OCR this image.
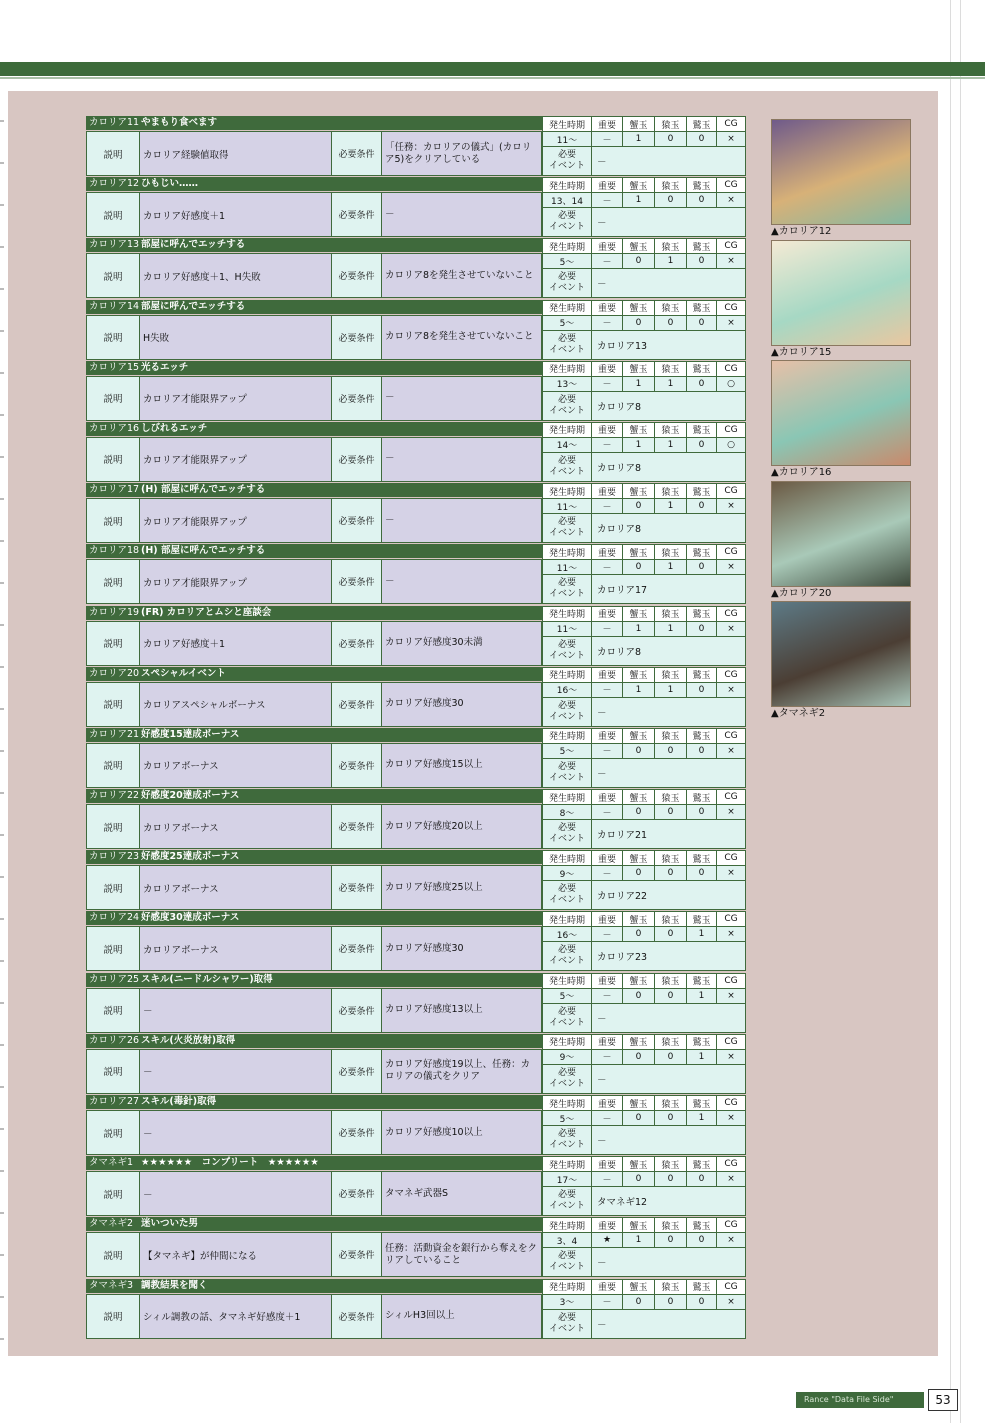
カロリア11 やまもり食べます
説明	カロリア経験値取得	必要条件
「任務：カロリアの儀式」(カロリア5)をクリアしている
発生時期	重要	蟹玉	猿玉	鷲玉	CG
11〜	－	1	0	0	×
必要
イベント	－
カロリア12 ひもじい……
説明	カロリア好感度＋1	必要条件	－
発生時期	重要	蟹玉	猿玉	鷲玉	CG
13、14	－	1	0	0	×
必要
イベント	－
カロリア13 部屋に呼んでエッチする
説明	カロリア好感度＋1、H失敗	必要条件	カロリア8を発生させていないこと
発生時期	重要	蟹玉	猿玉	鷲玉	CG
5〜	－	0	1	0	×
必要
イベント	－
カロリア14 部屋に呼んでエッチする
説明	H失敗	必要条件	カロリア8を発生させていないこと
発生時期	重要	蟹玉	猿玉	鷲玉	CG
5〜	－	0	0	0	×
必要
イベント	カロリア13
カロリア15 光るエッチ
説明	カロリア才能限界アップ	必要条件	－
発生時期	重要	蟹玉	猿玉	鷲玉	CG
13〜	－	1	1	0	○
必要
イベント	カロリア8
カロリア16 しびれるエッチ
説明	カロリア才能限界アップ	必要条件	－
発生時期	重要	蟹玉	猿玉	鷲玉	CG
14〜	－	1	1	0	○
必要
イベント	カロリア8
カロリア17 (H) 部屋に呼んでエッチする
説明	カロリア才能限界アップ	必要条件	－
発生時期	重要	蟹玉	猿玉	鷲玉	CG
11〜	－	0	1	0	×
必要
イベント	カロリア8
カロリア18 (H) 部屋に呼んでエッチする
説明	カロリア才能限界アップ	必要条件	－
発生時期	重要	蟹玉	猿玉	鷲玉	CG
11〜	－	0	1	0	×
必要
イベント	カロリア17
カロリア19 (FR) カロリアとムシと座談会
説明	カロリア好感度＋1	必要条件	カロリア好感度30未満
発生時期	重要	蟹玉	猿玉	鷲玉	CG
11〜	－	1	1	0	×
必要
イベント	カロリア8
カロリア20 スペシャルイベント
説明	カロリアスペシャルボーナス	必要条件	カロリア好感度30
発生時期	重要	蟹玉	猿玉	鷲玉	CG
16〜	－	1	1	0	×
必要
イベント	－
カロリア21 好感度15達成ボーナス
説明	カロリアボーナス	必要条件	カロリア好感度15以上
発生時期	重要	蟹玉	猿玉	鷲玉	CG
5〜	－	0	0	0	×
必要
イベント	－
カロリア22 好感度20達成ボーナス
説明	カロリアボーナス	必要条件	カロリア好感度20以上
発生時期	重要	蟹玉	猿玉	鷲玉	CG
8〜	－	0	0	0	×
必要
イベント	カロリア21
カロリア23 好感度25達成ボーナス
説明	カロリアボーナス	必要条件	カロリア好感度25以上
発生時期	重要	蟹玉	猿玉	鷲玉	CG
9〜	－	0	0	0	×
必要
イベント	カロリア22
カロリア24 好感度30達成ボーナス
説明	カロリアボーナス	必要条件	カロリア好感度30
発生時期	重要	蟹玉	猿玉	鷲玉	CG
16〜	－	0	0	1	×
必要
イベント	カロリア23
カロリア25 スキル(ニードルシャワー)取得
説明	－	必要条件	カロリア好感度13以上
発生時期	重要	蟹玉	猿玉	鷲玉	CG
5〜	－	0	0	1	×
必要
イベント	－
カロリア26 スキル(火炎放射)取得
説明	－	必要条件
カロリア好感度19以上、任務：カロリアの儀式をクリア
発生時期	重要	蟹玉	猿玉	鷲玉	CG
9〜	－	0	0	1	×
必要
イベント	－
カロリア27 スキル(毒針)取得
説明	－	必要条件	カロリア好感度10以上
発生時期	重要	蟹玉	猿玉	鷲玉	CG
5〜	－	0	0	1	×
必要
イベント	－
タマネギ1 ★★★★★★　コンプリート　★★★★★★
説明	－	必要条件	タマネギ武器S
発生時期	重要	蟹玉	猿玉	鷲玉	CG
17〜	－	0	0	0	×
必要
イベント	タマネギ12
タマネギ2 迷いついた男
説明	【タマネギ】が仲間になる	必要条件
任務：活動資金を銀行から奪えをクリアしていること
発生時期	重要	蟹玉	猿玉	鷲玉	CG
3、4	★	1	0	0	×
必要
イベント	－
タマネギ3 調教結果を聞く
説明	シィル調教の話、タマネギ好感度＋1	必要条件	シィルH3回以上
発生時期	重要	蟹玉	猿玉	鷲玉	CG
3〜	－	0	0	0	×
必要
イベント	－
▲カロリア12
▲カロリア15
▲カロリア16
▲カロリア20
▲タマネギ2
Rance "Data File Side"	53
